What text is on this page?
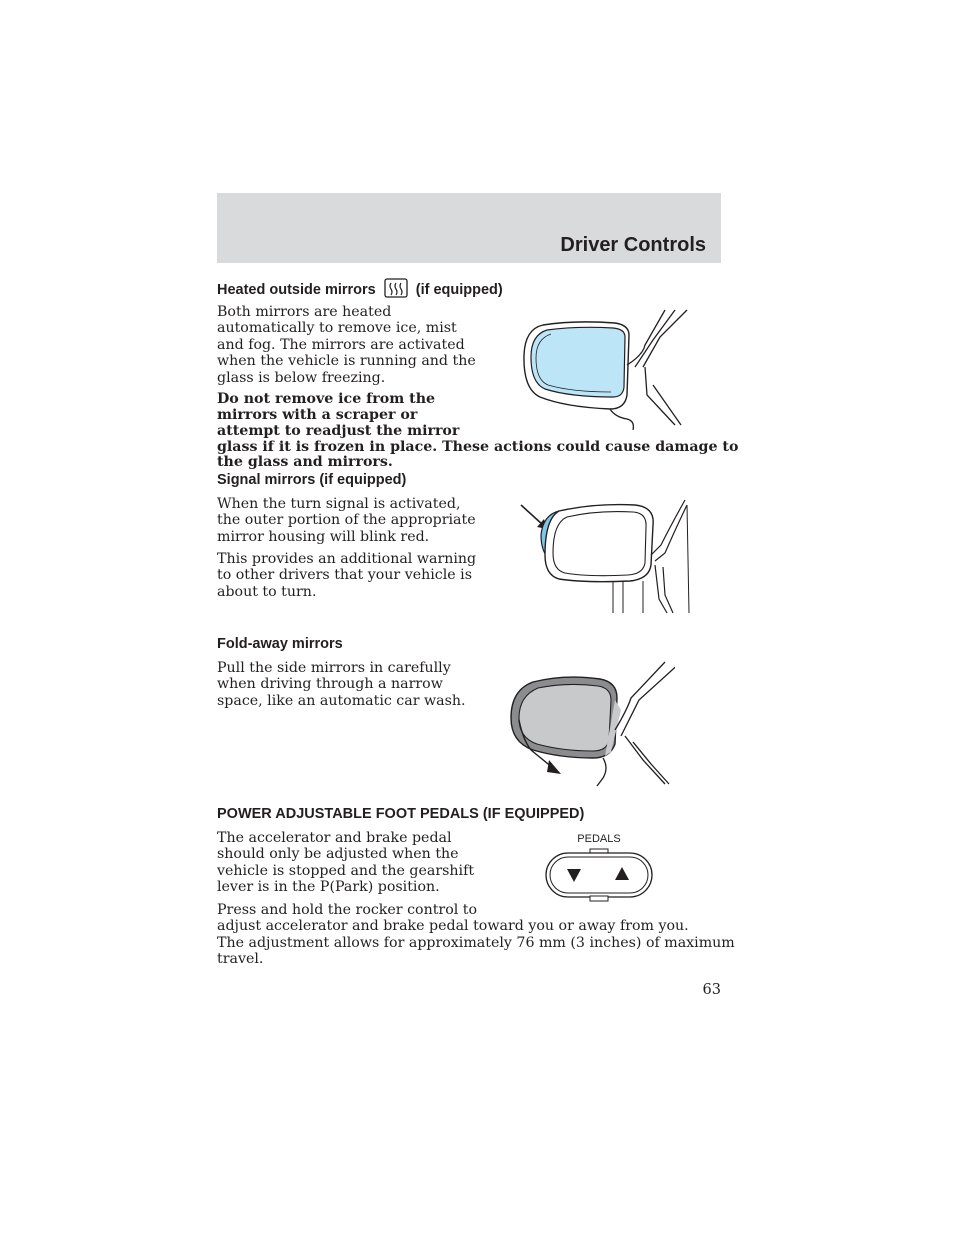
Driver Controls
Heated outside mirrors	(if equipped)
Both mirrors are heated
automatically to remove ice, mist
and fog. The mirrors are activated
when the vehicle is running and the
glass is below freezing.
Do not remove ice from the
mirrors with a scraper or
attempt to readjust the mirror
glass if it is frozen in place. These actions could cause damage to
the glass and mirrors.
Signal mirrors (if equipped)
When the turn signal is activated,
the outer portion of the appropriate
mirror housing will blink red.
This provides an additional warning
to other drivers that your vehicle is
about to turn.
Fold-away mirrors
Pull the side mirrors in carefully
when driving through a narrow
space, like an automatic car wash.
POWER ADJUSTABLE FOOT PEDALS (IF EQUIPPED)
The accelerator and brake pedal
should only be adjusted when the
vehicle is stopped and the gearshift
lever is in the P(Park) position.
PEDALS
Press and hold the rocker control to
adjust accelerator and brake pedal toward you or away from you.
The adjustment allows for approximately 76 mm (3 inches) of maximum
travel.
63
